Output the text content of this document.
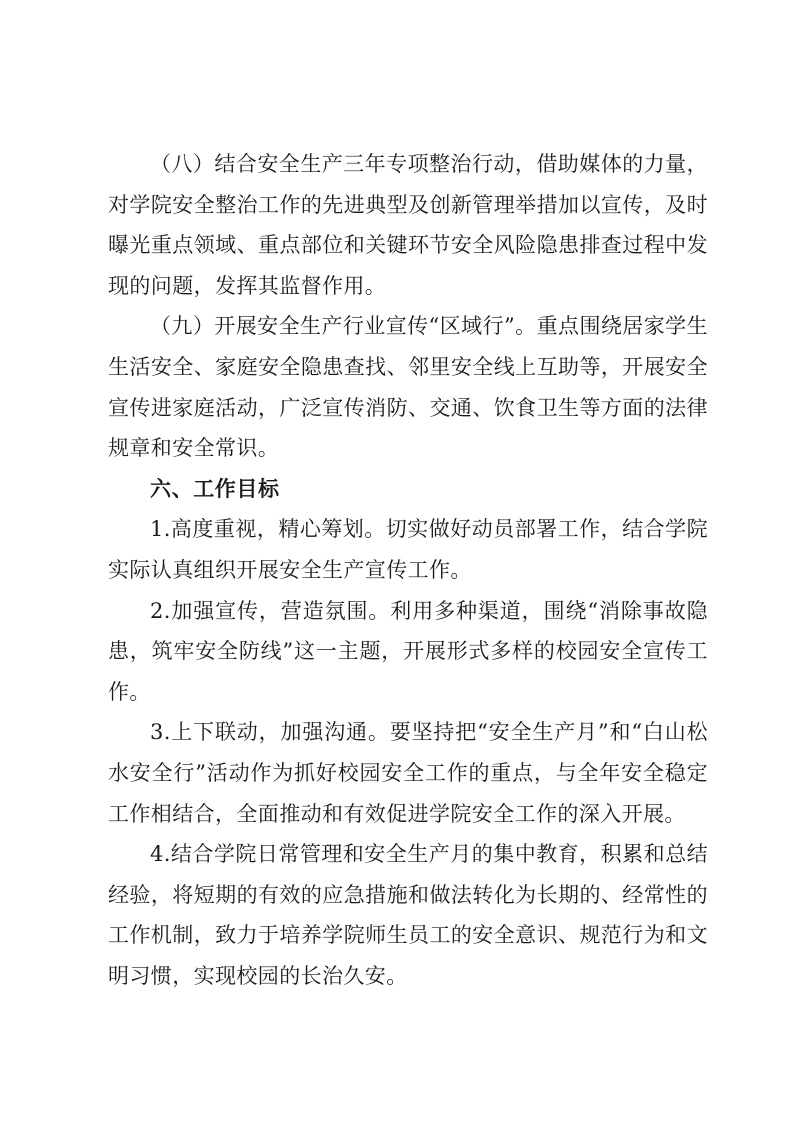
（八）结合安全生产三年专项整治行动，借助媒体的力量，对学院安全整治工作的先进典型及创新管理举措加以宣传，及时曝光重点领域、重点部位和关键环节安全风险隐患排查过程中发现的问题，发挥其监督作用。

（九）开展安全生产行业宣传“区域行”。重点围绕居家学生生活安全、家庭安全隐患查找、邻里安全线上互助等，开展安全宣传进家庭活动，广泛宣传消防、交通、饮食卫生等方面的法律规章和安全常识。

六、工作目标

1.高度重视，精心筹划。切实做好动员部署工作，结合学院实际认真组织开展安全生产宣传工作。

2.加强宣传，营造氛围。利用多种渠道，围绕“消除事故隐患，筑牢安全防线”这一主题，开展形式多样的校园安全宣传工作。

3.上下联动，加强沟通。要坚持把“安全生产月”和“白山松水安全行”活动作为抓好校园安全工作的重点，与全年安全稳定工作相结合，全面推动和有效促进学院安全工作的深入开展。

4.结合学院日常管理和安全生产月的集中教育，积累和总结经验，将短期的有效的应急措施和做法转化为长期的、经常性的工作机制，致力于培养学院师生员工的安全意识、规范行为和文明习惯，实现校园的长治久安。
